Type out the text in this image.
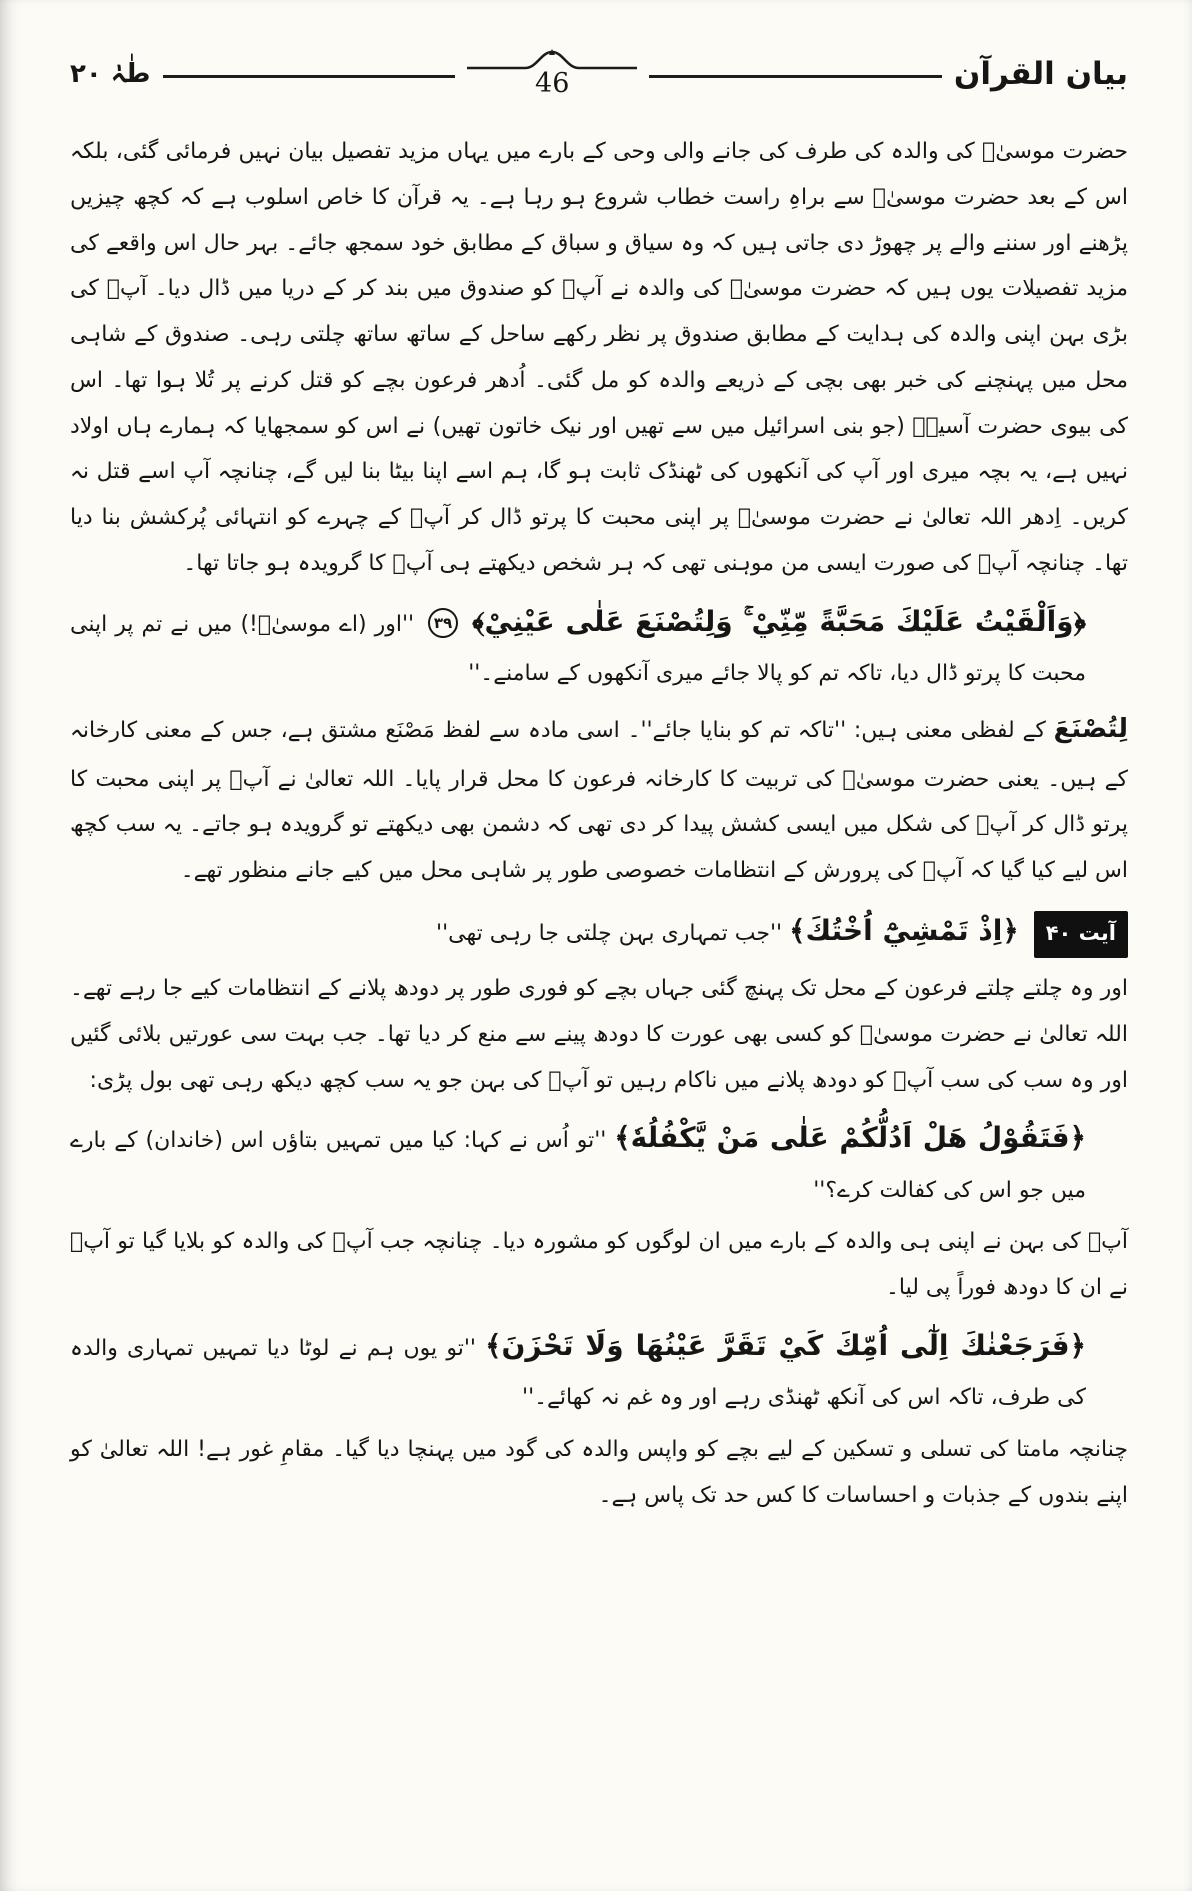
بیان القرآن
46
طٰہٰ ۲۰

حضرت موسیٰؑ کی والدہ کی طرف کی جانے والی وحی کے بارے میں یہاں مزید تفصیل بیان نہیں فرمائی گئی، بلکہ اس کے بعد حضرت موسیٰؑ سے براہِ راست خطاب شروع ہو رہا ہے۔ یہ قرآن کا خاص اسلوب ہے کہ کچھ چیزیں پڑھنے اور سننے والے پر چھوڑ دی جاتی ہیں کہ وہ سیاق و سباق کے مطابق خود سمجھ جائے۔ بہر حال اس واقعے کی مزید تفصیلات یوں ہیں کہ حضرت موسیٰؑ کی والدہ نے آپؑ کو صندوق میں بند کر کے دریا میں ڈال دیا۔ آپؑ کی بڑی بہن اپنی والدہ کی ہدایت کے مطابق صندوق پر نظر رکھے ساحل کے ساتھ ساتھ چلتی رہی۔ صندوق کے شاہی محل میں پہنچنے کی خبر بھی بچی کے ذریعے والدہ کو مل گئی۔ اُدھر فرعون بچے کو قتل کرنے پر تُلا ہوا تھا۔ اس کی بیوی حضرت آسیہؓ (جو بنی اسرائیل میں سے تھیں اور نیک خاتون تھیں) نے اس کو سمجھایا کہ ہمارے ہاں اولاد نہیں ہے، یہ بچہ میری اور آپ کی آنکھوں کی ٹھنڈک ثابت ہو گا، ہم اسے اپنا بیٹا بنا لیں گے، چنانچہ آپ اسے قتل نہ کریں۔ اِدھر اللہ تعالیٰ نے حضرت موسیٰؑ پر اپنی محبت کا پرتو ڈال کر آپؑ کے چہرے کو انتہائی پُرکشش بنا دیا تھا۔ چنانچہ آپؑ کی صورت ایسی من موہنی تھی کہ ہر شخص دیکھتے ہی آپؑ کا گرویدہ ہو جاتا تھا۔

﴿وَاَلْقَيْتُ عَلَيْكَ مَحَبَّةً مِّنِّيْ ۚ وَلِتُصْنَعَ عَلٰى عَيْنِيْ﴾ ۳۹ ''اور (اے موسیٰؑ!) میں نے تم پر اپنی محبت کا پرتو ڈال دیا، تاکہ تم کو پالا جائے میری آنکھوں کے سامنے۔''

لِتُصْنَعَ کے لفظی معنی ہیں: ''تاکہ تم کو بنایا جائے''۔ اسی مادہ سے لفظ مَصْنَع مشتق ہے، جس کے معنی کارخانہ کے ہیں۔ یعنی حضرت موسیٰؑ کی تربیت کا کارخانہ فرعون کا محل قرار پایا۔ اللہ تعالیٰ نے آپؑ پر اپنی محبت کا پرتو ڈال کر آپؑ کی شکل میں ایسی کشش پیدا کر دی تھی کہ دشمن بھی دیکھتے تو گرویدہ ہو جاتے۔ یہ سب کچھ اس لیے کیا گیا کہ آپؑ کی پرورش کے انتظامات خصوصی طور پر شاہی محل میں کیے جانے منظور تھے۔

آیت ۴۰ ﴿اِذْ تَمْشِيْٓ اُخْتُكَ﴾ ''جب تمہاری بہن چلتی جا رہی تھی''

اور وہ چلتے چلتے فرعون کے محل تک پہنچ گئی جہاں بچے کو فوری طور پر دودھ پلانے کے انتظامات کیے جا رہے تھے۔ اللہ تعالیٰ نے حضرت موسیٰؑ کو کسی بھی عورت کا دودھ پینے سے منع کر دیا تھا۔ جب بہت سی عورتیں بلائی گئیں اور وہ سب کی سب آپؑ کو دودھ پلانے میں ناکام رہیں تو آپؑ کی بہن جو یہ سب کچھ دیکھ رہی تھی بول پڑی:

﴿فَتَقُوْلُ هَلْ اَدُلُّكُمْ عَلٰى مَنْ يَّكْفُلُهٗ﴾ ''تو اُس نے کہا: کیا میں تمہیں بتاؤں اس (خاندان) کے بارے میں جو اس کی کفالت کرے؟''

آپؑ کی بہن نے اپنی ہی والدہ کے بارے میں ان لوگوں کو مشورہ دیا۔ چنانچہ جب آپؑ کی والدہ کو بلایا گیا تو آپؑ نے ان کا دودھ فوراً پی لیا۔

﴿فَرَجَعْنٰكَ اِلٰٓى اُمِّكَ كَيْ تَقَرَّ عَيْنُهَا وَلَا تَحْزَنَ﴾ ''تو یوں ہم نے لوٹا دیا تمہیں تمہاری والدہ کی طرف، تاکہ اس کی آنکھ ٹھنڈی رہے اور وہ غم نہ کھائے۔''

چنانچہ مامتا کی تسلی و تسکین کے لیے بچے کو واپس والدہ کی گود میں پہنچا دیا گیا۔ مقامِ غور ہے! اللہ تعالیٰ کو اپنے بندوں کے جذبات و احساسات کا کس حد تک پاس ہے۔
